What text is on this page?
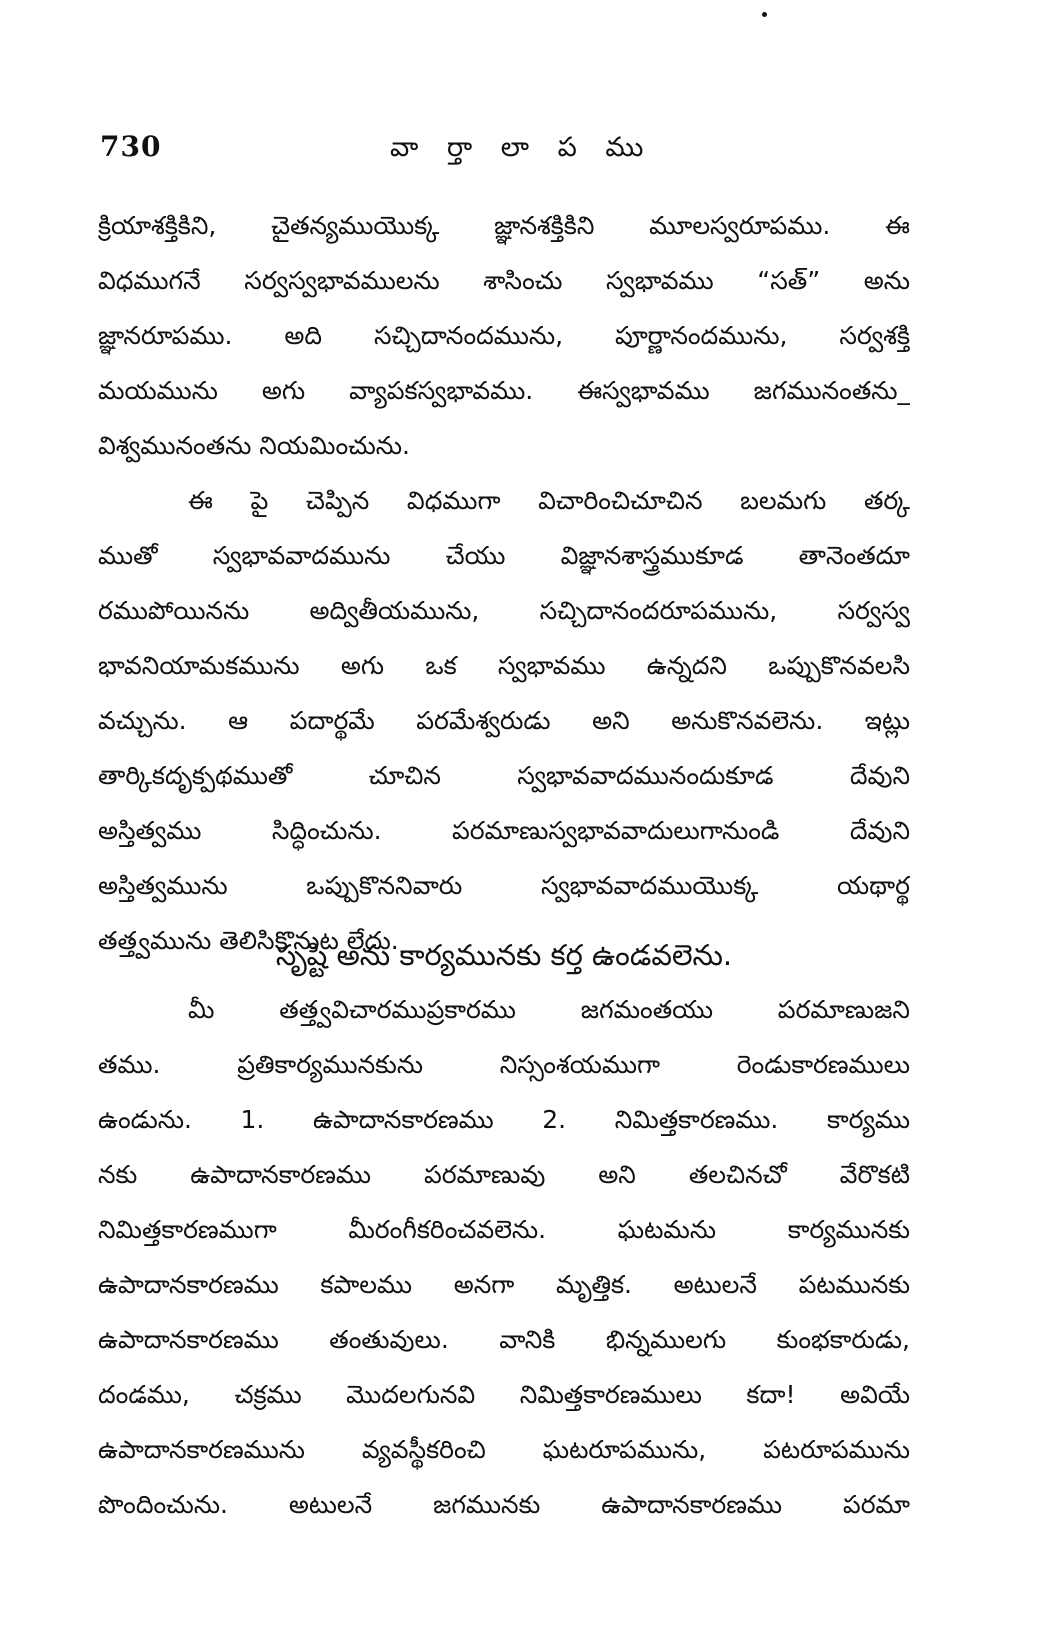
730	వా ర్తా లా ప ము
క్రియాశక్తికిని, చైతన్యముయొక్క జ్ఞానశక్తికిని మూలస్వరూపము. ఈ
విధముగనే సర్వస్వభావములను శాసించు స్వభావము “సత్” అను
జ్ఞానరూపము. అది సచ్చిదానందమును, పూర్ణానందమును, సర్వశక్తి
మయమును అగు వ్యాపకస్వభావము. ఈస్వభావము జగమునంతను_
విశ్వమునంతను నియమించును.
ఈ పై చెప్పిన విధముగా విచారించిచూచిన బలమగు తర్క
ముతో స్వభావవాదమును చేయు విజ్ఞానశాస్త్రముకూడ తానెంతదూ
రముపోయినను అద్వితీయమును, సచ్చిదానందరూపమును, సర్వస్వ
భావనియామకమును అగు ఒక స్వభావము ఉన్నదని ఒప్పుకొనవలసి
వచ్చును. ఆ పదార్థమే పరమేశ్వరుడు అని అనుకొనవలెను. ఇట్లు
తార్కికదృక్పథముతో చూచిన స్వభావవాదమునందుకూడ దేవుని
అస్తిత్వము సిద్ధించును. పరమాణుస్వభావవాదులుగానుండి దేవుని
అస్తిత్వమును ఒప్పుకొననివారు స్వభావవాదముయొక్క యథార్థ
తత్త్వమును తెలిసికొనుట లేదు.
సృష్టి అను కార్యమునకు కర్త ఉండవలెను.
మీ తత్త్వవిచారముప్రకారము జగమంతయు పరమాణుజని
తము. ప్రతికార్యమునకును నిస్సంశయముగా రెండుకారణములు
ఉండును. 1. ఉపాదానకారణము 2. నిమిత్తకారణము. కార్యము
నకు ఉపాదానకారణము పరమాణువు అని తలచినచో వేరొకటి
నిమిత్తకారణముగా మీరంగీకరించవలెను. ఘటమను కార్యమునకు
ఉపాదానకారణము కపాలము అనగా మృత్తిక. అటులనే పటమునకు
ఉపాదానకారణము తంతువులు. వానికి భిన్నములగు కుంభకారుడు,
దండము, చక్రము మొదలగునవి నిమిత్తకారణములు కదా! అవియే
ఉపాదానకారణమును వ్యవస్థీకరించి ఘటరూపమును, పటరూపమును
పొందించును. అటులనే జగమునకు ఉపాదానకారణము పరమా
